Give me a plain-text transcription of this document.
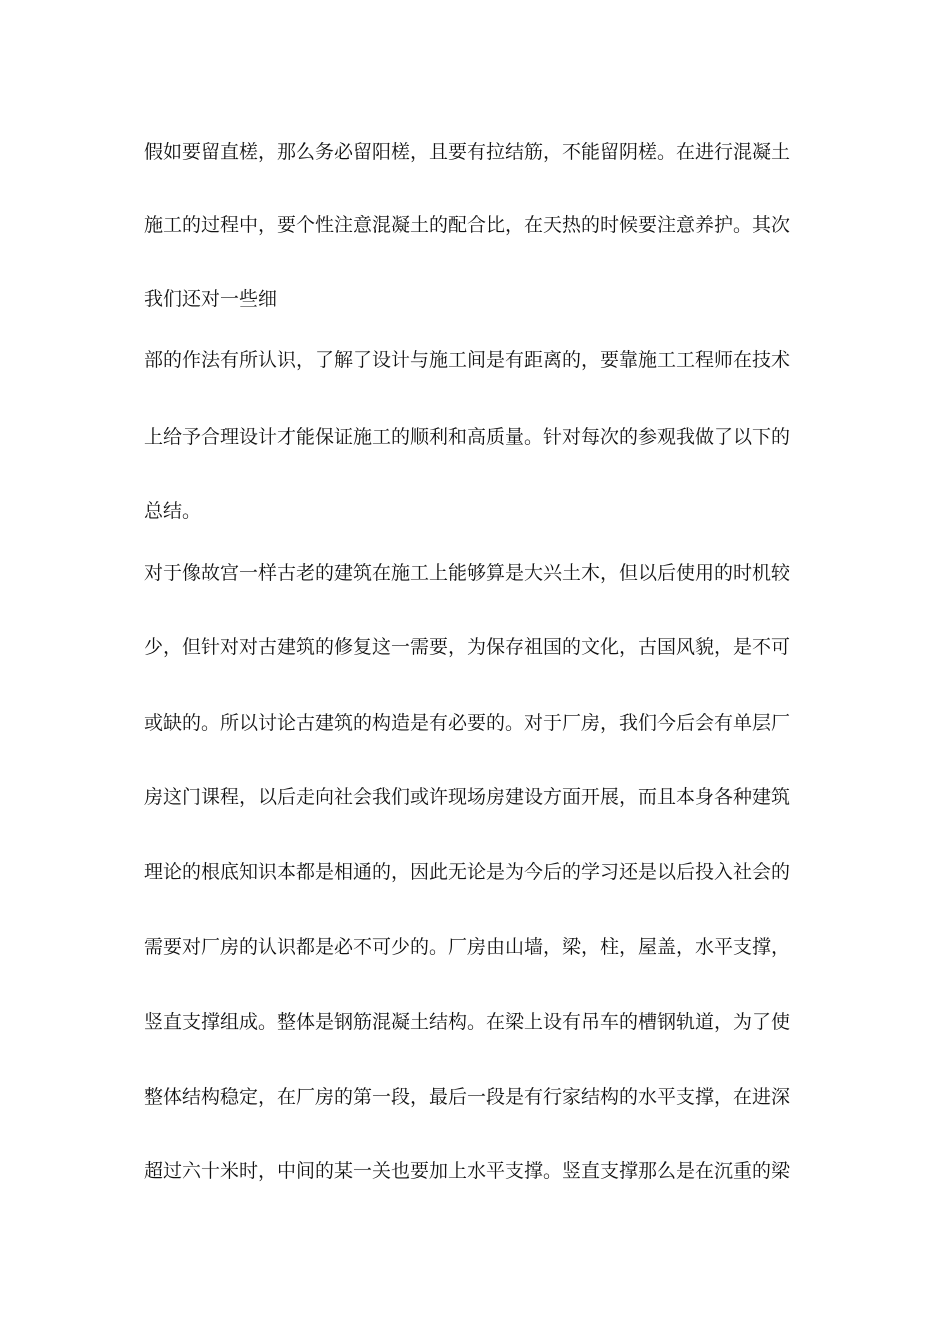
假如要留直槎，那么务必留阳槎，且要有拉结筋，不能留阴槎。在进行混凝土
施工的过程中，要个性注意混凝土的配合比，在天热的时候要注意养护。其次
我们还对一些细
部的作法有所认识，了解了设计与施工间是有距离的，要靠施工工程师在技术
上给予合理设计才能保证施工的顺利和高质量。针对每次的参观我做了以下的
总结。
对于像故宫一样古老的建筑在施工上能够算是大兴土木，但以后使用的时机较
少，但针对对古建筑的修复这一需要，为保存祖国的文化，古国风貌，是不可
或缺的。所以讨论古建筑的构造是有必要的。对于厂房，我们今后会有单层厂
房这门课程，以后走向社会我们或许现场房建设方面开展，而且本身各种建筑
理论的根底知识本都是相通的，因此无论是为今后的学习还是以后投入社会的
需要对厂房的认识都是必不可少的。厂房由山墙，梁，柱，屋盖，水平支撑，
竖直支撑组成。整体是钢筋混凝土结构。在梁上设有吊车的槽钢轨道，为了使
整体结构稳定，在厂房的第一段，最后一段是有行家结构的水平支撑，在进深
超过六十米时，中间的某一关也要加上水平支撑。竖直支撑那么是在沉重的梁
